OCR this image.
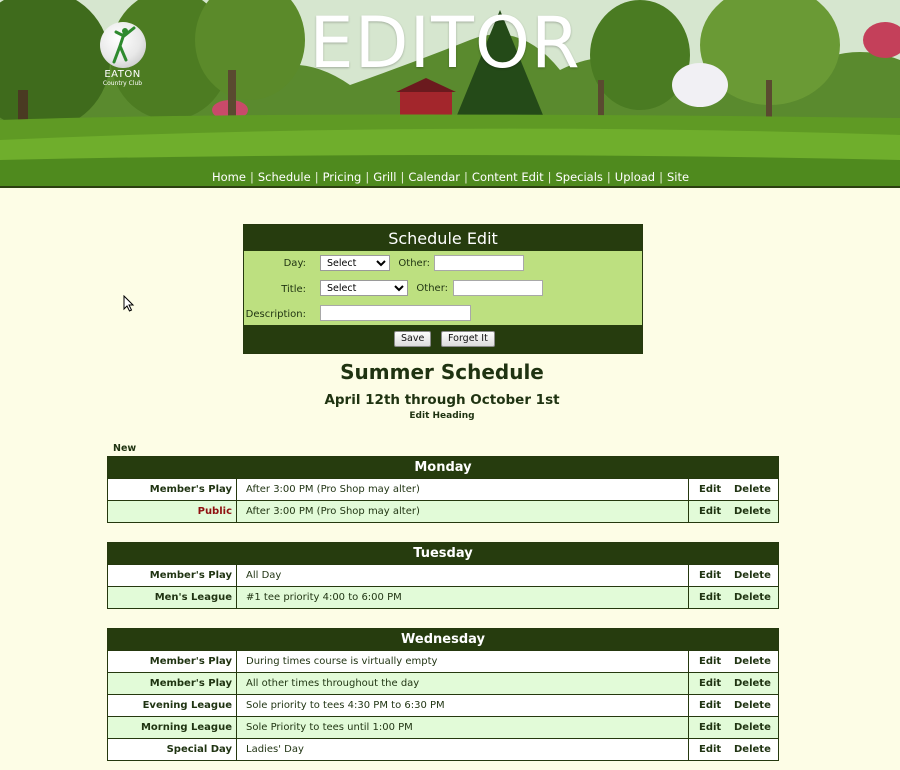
EDITOR
EATON
Country Club
Home | Schedule | Pricing | Grill | Calendar | Content Edit | Specials | Upload | Site
Schedule Edit
Day:
Select	Other:
Title:
Select	Other:
Description:
Save	Forget It
Summer Schedule
April 12th through October 1st
Edit Heading
New
Monday
Member's Play	After 3:00 PM (Pro Shop may alter)	Edit Delete
Public	After 3:00 PM (Pro Shop may alter)	Edit Delete
Tuesday
Member's Play	All Day	Edit Delete
Men's League	#1 tee priority 4:00 to 6:00 PM	Edit Delete
Wednesday
Member's Play	During times course is virtually empty	Edit Delete
Member's Play	All other times throughout the day	Edit Delete
Evening League	Sole priority to tees 4:30 PM to 6:30 PM	Edit Delete
Morning League	Sole Priority to tees until 1:00 PM	Edit Delete
Special Day	Ladies' Day	Edit Delete
